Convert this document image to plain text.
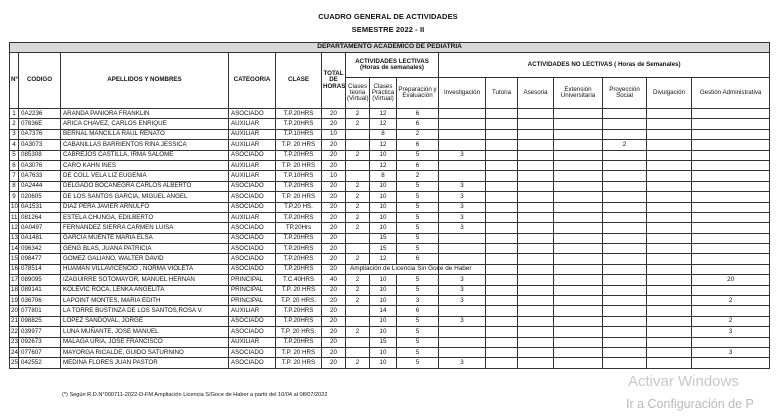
CUADRO GENERAL DE ACTIVIDADES
SEMESTRE 2022 - II
DEPARTAMENTO ACADEMICO DE PEDIATRIA															
Nº	CODIGO	APELLIDOS Y NOMBRES	CATEGORIA	CLASE	TOTAL DE HORAS	ACTIVIDADES LECTIVAS (Horas de semanales)			ACTIVIDADES NO LECTIVAS ( Horas de Semanales)						
						Clases teoria (Virtual)	Clases Práctica (Virtual)	Preparación y Evaluación	Investigación	Tutoria	Asesoria	Extensión Universitaria	Proyección Social	Divulgación	Gestión Administrativa
1	0A2236	ARANDA PANIORA FRANKLIN	ASOCIADO	T.P.20HRS	20	2	12	6							
2	07836E	ARICA CHAVEZ, CARLOS ENRIQUE	AUXILIAR	T.P.20HRS	20	2	12	6							
3	0A7376	BERNAL MANCILLA RAUL RENATO	AUXILIAR	T.P.10HRS	10		8	2							
4	0A3073	CABANILLAS BARRIENTOS RINA JESSICA	AUXILIAR	T.P. 20 HRS	20		12	6					2		
5	085308	CABREJOS CASTILLA, IRMA SALOME	ASOCIADO	T.P.20HRS	20	2	10	5	3						
6	0A3076	CARO KAHN INES	AUXILIAR	T.P. 20 HRS	20		12	6							
7	0A7633	DE COLL VELA LIZ EUGENIA	AUXILIAR	T.P.10HRS	10		8	2							
8	0A2444	DELGADO BOCANEGRA CARLOS ALBERTO	ASOCIADO	T.P.20HRS	20	2	10	5	3						
9	020605	DE LOS SANTOS GARCIA, MIGUEL ANGEL	ASOCIADO	T.P. 20 HRS	20	2	10	5	3						
10	0A1531	DIAZ PERA JAVIER ARNULFO	ASOCIADO	T.P.20 HS.	20	2	10	5	3						
11	081264	ESTELA CHUNGA, EDILBERTO	AUXILIAR	T.P.20HRS	20	2	10	5	3						
12	0A0497	FERNANDEZ SIERRA CARMEN LUISA	ASOCIADO	TP.20Hrs	20	2	10	5	3						
13	0A1481	GARCIA MUENTE MARIA ELSA	ASOCIADO	T.P.20HRS	20		15	5							
14	096342	GENG BLAS, JUANA PATRICIA	ASOCIADO	T.P.20HRS	20		15	5							
15	098477	GOMEZ GALIANO, WALTER DAVID	ASOCIADO	T.P.20HRS	20	2	12	6							
16	078514	HUAMAN VILLAVICENCIO , NORMA VIOLETA	ASOCIADO	T.P.20HRS	20	Ampliación de Licencia Sin Goce de Haber									
17	089095	IZAGUIRRE SOTOMAYOR, MANUEL HERNAN	PRINCIPAL	T.C.40HRS	40	2	10	5	3						20
18	089141	KOLEVIC ROCA, LENKA ANGELITA	PRINCIPAL	T.P. 20 HRS	20	2	10	5	3						
19	036706	LAPOINT MONTES, MARIA EDITH	PRINCIPAL	T.P. 20 HRS.	20	2	10	3	3						2
20	077801	LA TORRE BUSTINZA DE LOS SANTOS,ROSA V.	AUXILIAR	T.P.20HRS	20		14	6							
21	098825	LOPEZ SANDOVAL, JORGE	ASOCIADO	T.P.20HRS	20		10	5	3						2
22	039977	LUNA MUÑANTE, JOSE MANUEL	ASOCIADO	T.P. 20 HRS.	20	2	10	5							3
23	092673	MALAGA URIA, JOSE FRANCISCO	AUXILIAR	T.P.20HRS	20		15	5							
24	077607	MAYORGA RICALDE, GUIDO SATURNINO	ASOCIADO	T.P. 20 HRS	20		10	5							3
25	042552	MEDINA FLORES JUAN PASTOR	ASOCIADO	T.P. 20 HRS	20	2	10	5	3						
(*) Según R.D.N°000711-2022-D-FM Ampliación Licencia S/Goce de Haber a partir del 10/04 al 08/07/2022
Activar Windows
Ir a Configuración de P
